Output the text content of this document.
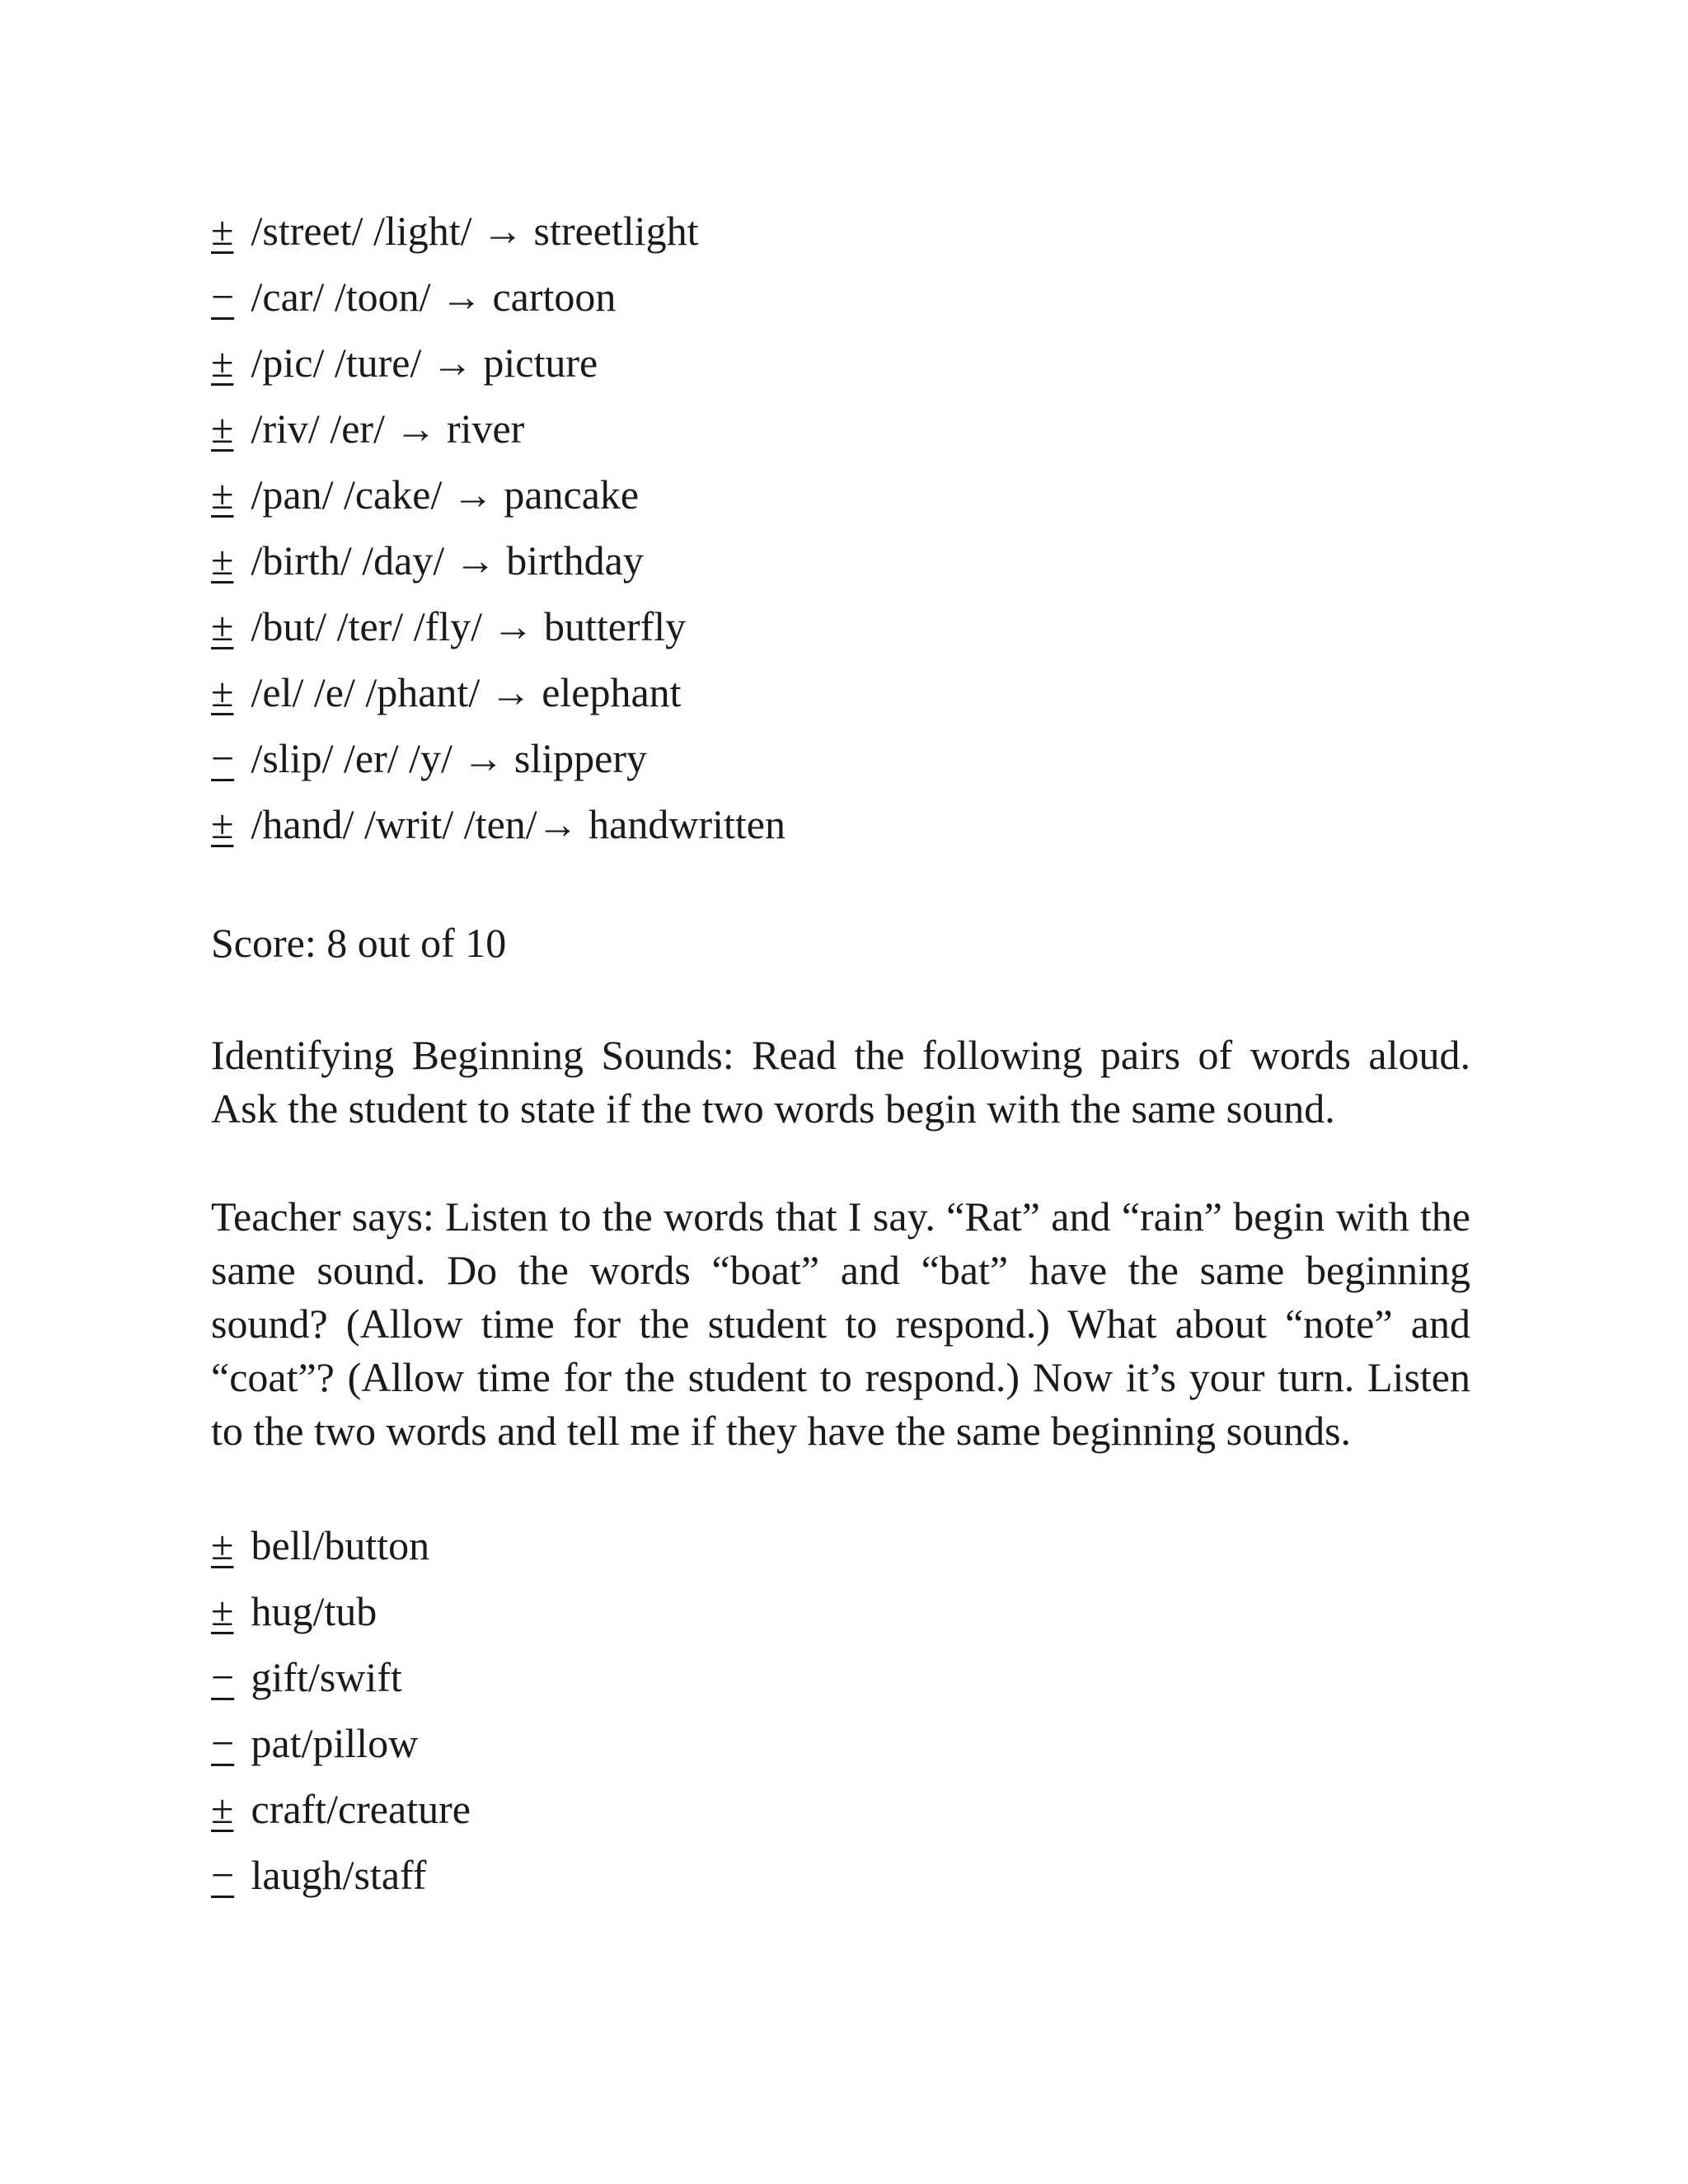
± /street/ /light/ → streetlight
− /car/ /toon/ → cartoon
± /pic/ /ture/ → picture
± /riv/ /er/ → river
± /pan/ /cake/ → pancake
± /birth/ /day/ → birthday
± /but/ /ter/ /fly/ → butterfly
± /el/ /e/ /phant/ → elephant
− /slip/ /er/ /y/ → slippery
± /hand/ /writ/ /ten/→ handwritten
Score: 8 out of 10

Identifying Beginning Sounds: Read the following pairs of words aloud. Ask the student to state if the two words begin with the same sound.

Teacher says: Listen to the words that I say. “Rat” and “rain” begin with the same sound. Do the words “boat” and “bat” have the same beginning sound? (Allow time for the student to respond.) What about “note” and “coat”? (Allow time for the student to respond.) Now it’s your turn. Listen to the two words and tell me if they have the same beginning sounds.

± bell/button
± hug/tub
− gift/swift
− pat/pillow
± craft/creature
− laugh/staff
